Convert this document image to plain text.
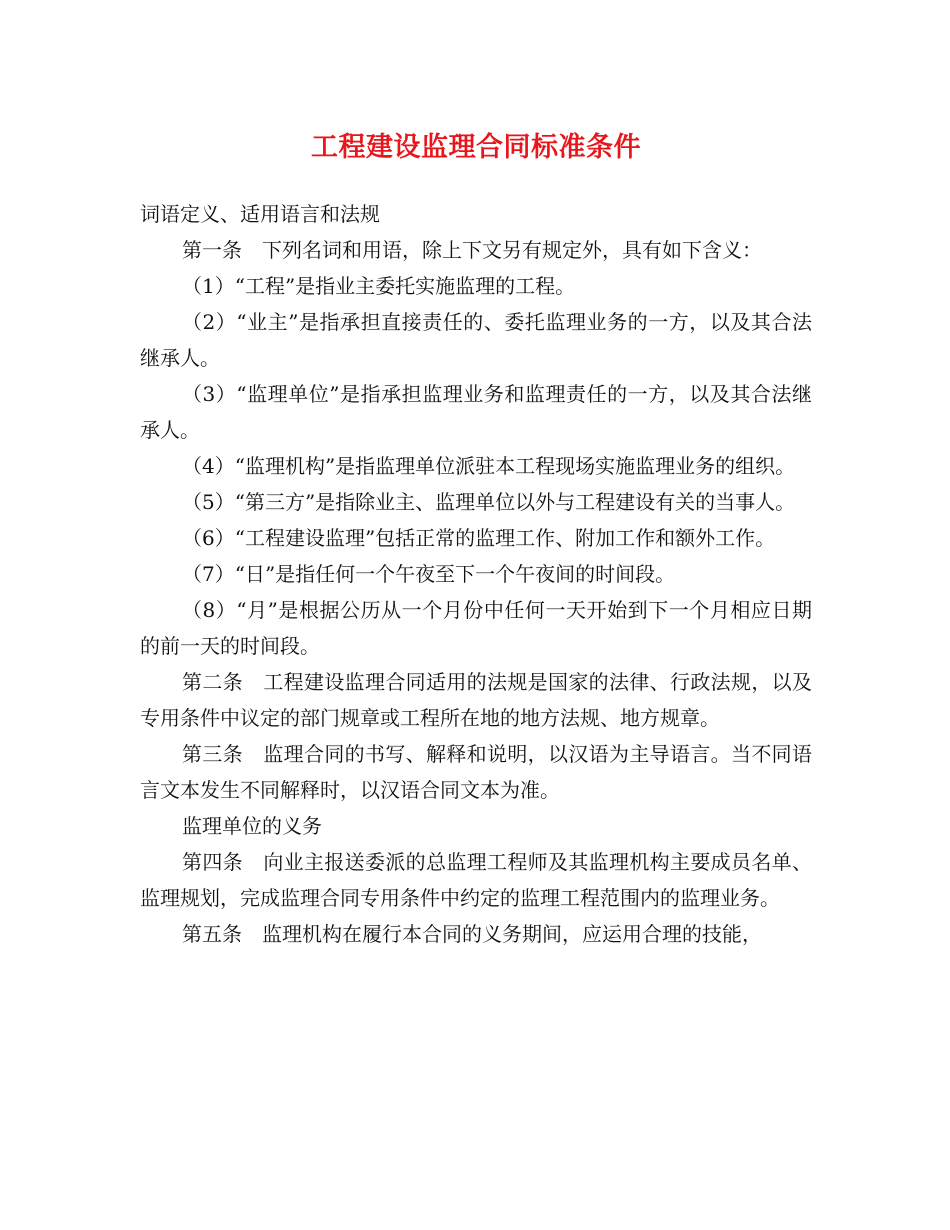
工程建设监理合同标准条件

词语定义、适用语言和法规

第一条　下列名词和用语，除上下文另有规定外，具有如下含义：

（1）“工程”是指业主委托实施监理的工程。

（2）“业主”是指承担直接责任的、委托监理业务的一方，以及其合法继承人。

（3）“监理单位”是指承担监理业务和监理责任的一方，以及其合法继承人。

（4）“监理机构”是指监理单位派驻本工程现场实施监理业务的组织。

（5）“第三方”是指除业主、监理单位以外与工程建设有关的当事人。

（6）“工程建设监理”包括正常的监理工作、附加工作和额外工作。

（7）“日”是指任何一个午夜至下一个午夜间的时间段。

（8）“月”是根据公历从一个月份中任何一天开始到下一个月相应日期的前一天的时间段。

第二条　工程建设监理合同适用的法规是国家的法律、行政法规，以及专用条件中议定的部门规章或工程所在地的地方法规、地方规章。

第三条　监理合同的书写、解释和说明，以汉语为主导语言。当不同语言文本发生不同解释时，以汉语合同文本为准。

监理单位的义务

第四条　向业主报送委派的总监理工程师及其监理机构主要成员名单、监理规划，完成监理合同专用条件中约定的监理工程范围内的监理业务。

第五条　监理机构在履行本合同的义务期间，应运用合理的技能，
